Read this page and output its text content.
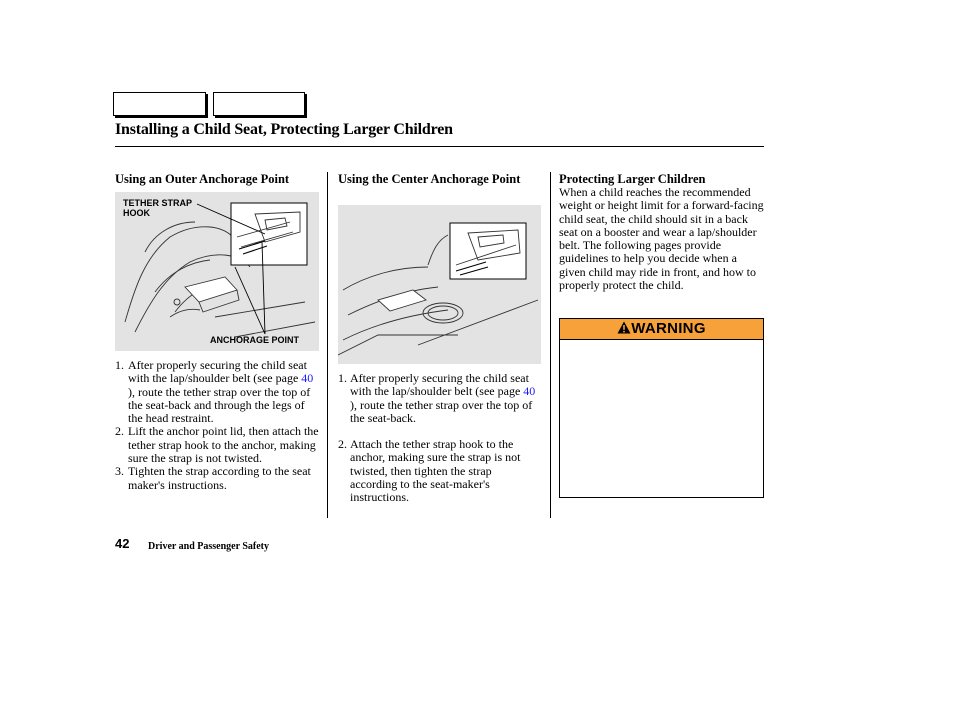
Installing a Child Seat, Protecting Larger Children
Using an Outer Anchorage Point
TETHER STRAP
HOOK
ANCHORAGE POINT
1. After properly securing the child seat with the lap/shoulder belt (see page 40 ), route the tether strap over the top of the seat-back and through the legs of the head restraint.
2. Lift the anchor point lid, then attach the tether strap hook to the anchor, making sure the strap is not twisted.
3. Tighten the strap according to the seat maker's instructions.
Using the Center Anchorage Point
1. After properly securing the child seat with the lap/shoulder belt (see page 40 ), route the tether strap over the top of the seat-back.
2. Attach the tether strap hook to the anchor, making sure the strap is not twisted, then tighten the strap according to the seat-maker's instructions.
Protecting Larger Children
When a child reaches the recommended weight or height limit for a forward-facing child seat, the child should sit in a back seat on a booster and wear a lap/shoulder belt. The following pages provide guidelines to help you decide when a given child may ride in front, and how to properly protect the child.
WARNING
42 Driver and Passenger Safety
